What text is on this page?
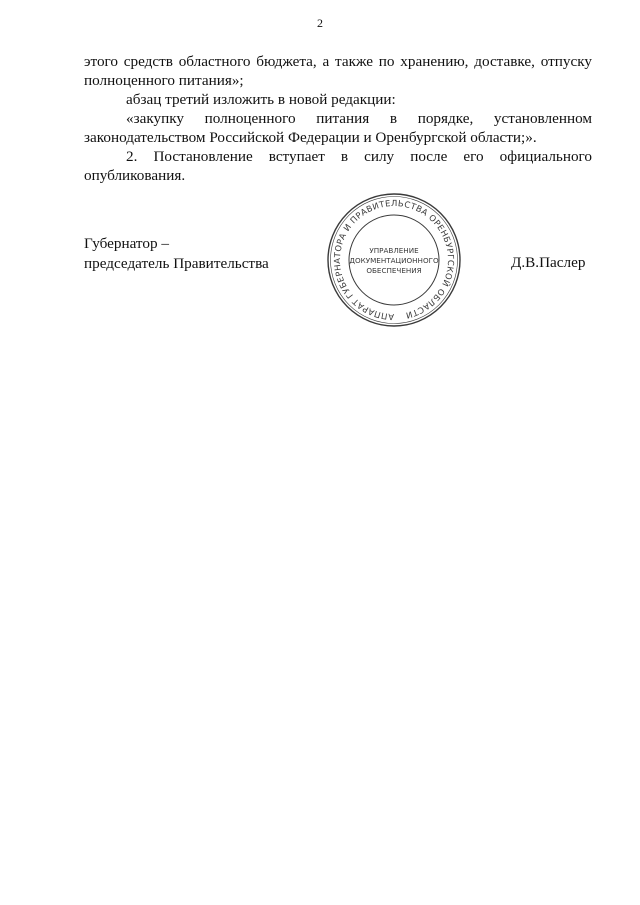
2

этого средств областного бюджета, а также по хранению, доставке, отпуску полноценного питания»;

абзац третий изложить в новой редакции:

«закупку полноценного питания в порядке, установленном законодательством Российской Федерации и Оренбургской области;».

2. Постановление вступает в силу после его официального опубликования.

Губернатор –
председатель Правительства
АППАРАТ ГУБЕРНАТОРА И ПРАВИТЕЛЬСТВА ОРЕНБУРГСКОЙ ОБЛАСТИ
УПРАВЛЕНИЕ
ДОКУМЕНТАЦИОННОГО
ОБЕСПЕЧЕНИЯ	Д.В.Паслер
